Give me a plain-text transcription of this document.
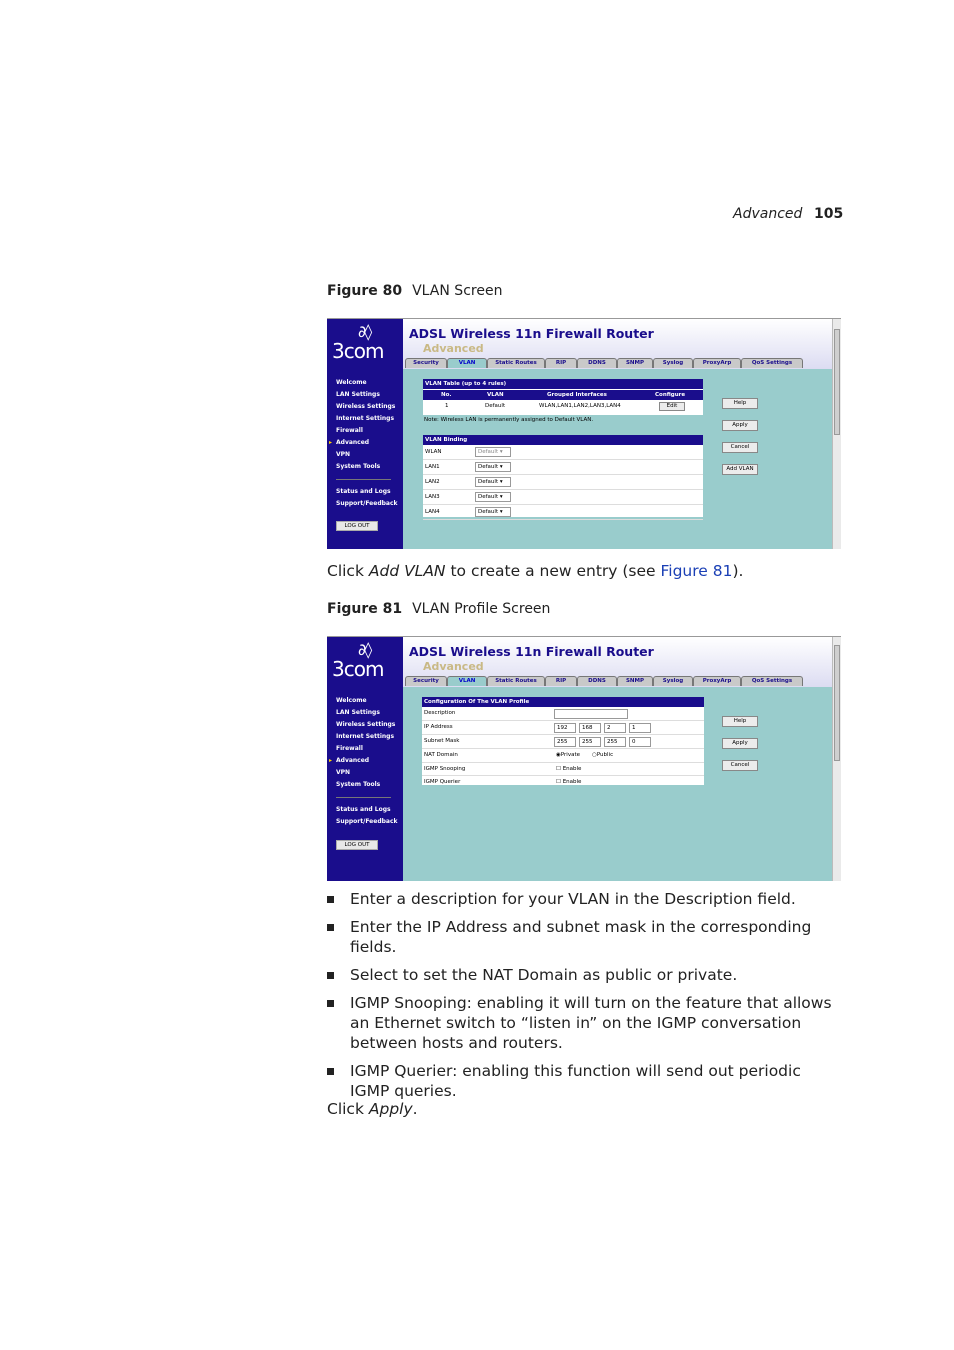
Advanced 105
Figure 80 VLAN Screen
∂◊
3com
Welcome
LAN Settings
Wireless Settings
Internet Settings
Firewall
▸ Advanced
VPN
System Tools
Status and Logs
Support/Feedback
LOG OUT
ADSL Wireless 11n Firewall Router
Advanced
Security	VLAN	Static Routes	RIP	DDNS	SNMP	Syslog	ProxyArp	QoS Settings
VLAN Table (up to 4 rules)
No.	VLAN	Grouped Interfaces	Configure
1	Default	WLAN,LAN1,LAN2,LAN3,LAN4	Edit
Note: Wireless LAN is permanently assigned to Default VLAN.
VLAN Binding
WLAN	Default ▾
LAN1	Default ▾
LAN2	Default ▾
LAN3	Default ▾
LAN4	Default ▾
Help
Apply
Cancel
Add VLAN
Click Add VLAN to create a new entry (see Figure 81).
Figure 81 VLAN Profile Screen
∂◊
3com
Welcome
LAN Settings
Wireless Settings
Internet Settings
Firewall
▸ Advanced
VPN
System Tools
Status and Logs
Support/Feedback
LOG OUT
ADSL Wireless 11n Firewall Router
Advanced
Security	VLAN	Static Routes	RIP	DDNS	SNMP	Syslog	ProxyArp	QoS Settings
Configuration Of The VLAN Profile
Description
IP Address	192	168	2	1
Subnet Mask	255	255	255	0
NAT Domain	◉Private ○Public
IGMP Snooping	☐ Enable
IGMP Querier	☐ Enable
Help
Apply
Cancel
Enter a description for your VLAN in the Description field.
Enter the IP Address and subnet mask in the corresponding fields.
Select to set the NAT Domain as public or private.
IGMP Snooping: enabling it will turn on the feature that allows an Ethernet switch to “listen in” on the IGMP conversation between hosts and routers.
IGMP Querier: enabling this function will send out periodic IGMP queries.
Click Apply.
